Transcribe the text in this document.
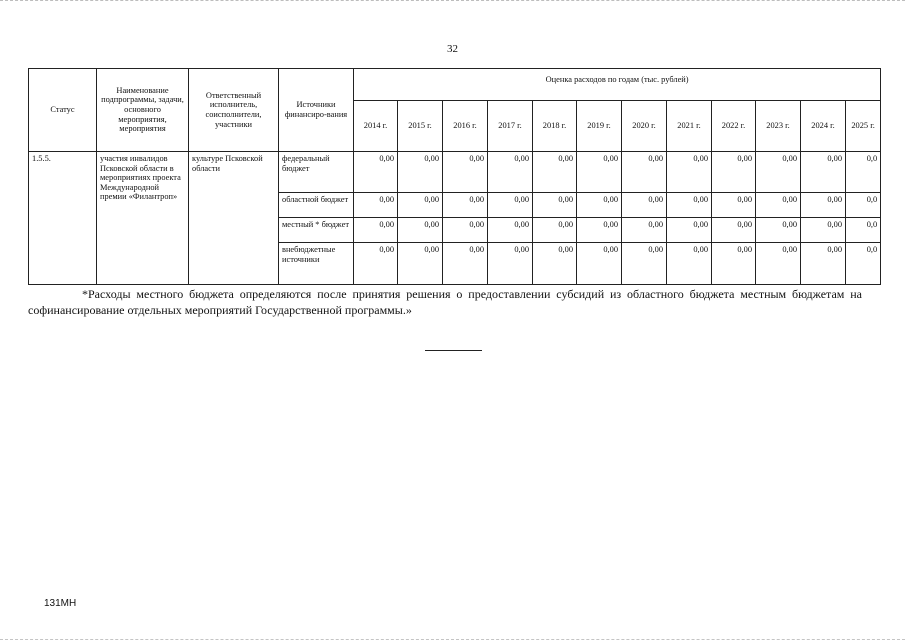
32
Статус	Наименование подпрограммы, задачи, основного мероприятия, мероприятия	Ответственный исполнитель, соисполнители, участники	Источники финансиро-вания	Оценка расходов по годам (тыс. рублей)											
				2014 г.	2015 г.	2016 г.	2017 г.	2018 г.	2019 г.	2020 г.	2021 г.	2022 г.	2023 г.	2024 г.	2025 г.
1.5.5.	участия инвалидов Псковской области в мероприятиях проекта Международной премии «Филантроп»	культуре Псковской области	федеральный бюджет	0,00	0,00	0,00	0,00	0,00	0,00	0,00	0,00	0,00	0,00	0,00	0,0
			областной бюджет	0,00	0,00	0,00	0,00	0,00	0,00	0,00	0,00	0,00	0,00	0,00	0,0
			местный * бюджет	0,00	0,00	0,00	0,00	0,00	0,00	0,00	0,00	0,00	0,00	0,00	0,0
			внебюджетные источники	0,00	0,00	0,00	0,00	0,00	0,00	0,00	0,00	0,00	0,00	0,00	0,0
*Расходы местного бюджета определяются после принятия решения о предоставлении субсидий из областного бюджета местным бюджетам на софинансирование отдельных мероприятий Государственной программы.»
131МН
